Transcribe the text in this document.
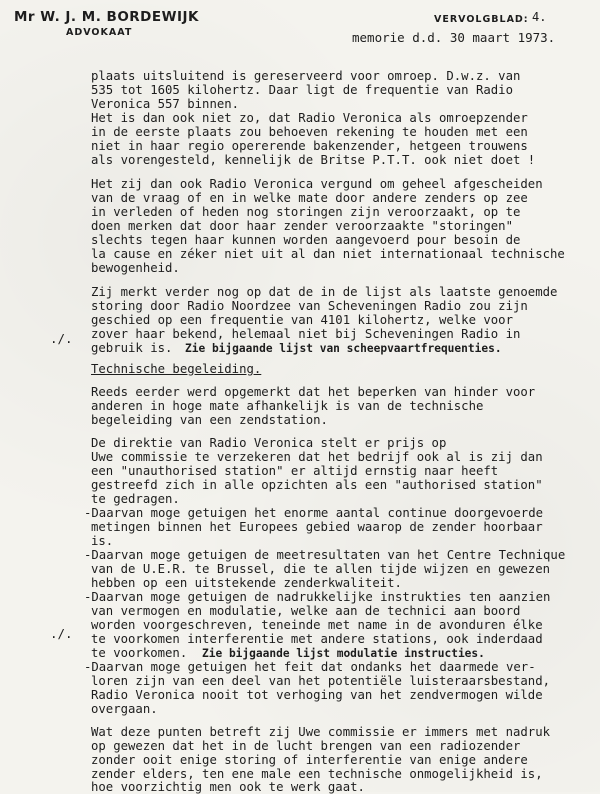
Mr W. J. M. BORDEWIJK
ADVOKAAT
VERVOLGBLAD: 4.
memorie d.d. 30 maart 1973.
./.
./.
plaats uitsluitend is gereserveerd voor omroep. D.w.z. van
535 tot 1605 kilohertz. Daar ligt de frequentie van Radio
Veronica 557 binnen.
Het is dan ook niet zo, dat Radio Veronica als omroepzender
in de eerste plaats zou behoeven rekening te houden met een
niet in haar regio opererende bakenzender, hetgeen trouwens
als vorengesteld, kennelijk de Britse P.T.T. ook niet doet !
Het zij dan ook Radio Veronica vergund om geheel afgescheiden
van de vraag of en in welke mate door andere zenders op zee
in verleden of heden nog storingen zijn veroorzaakt, op te
doen merken dat door haar zender veroorzaakte "storingen"
slechts tegen haar kunnen worden aangevoerd pour besoin de
la cause en zéker niet uit al dan niet internationaal technische
bewogenheid.
Zij merkt verder nog op dat de in de lijst als laatste genoemde
storing door Radio Noordzee van Scheveningen Radio zou zijn
geschied op een frequentie van 4101 kilohertz, welke voor
zover haar bekend, helemaal niet bij Scheveningen Radio in
gebruik is. Zie bijgaande lijst van scheepvaartfrequenties.
Technische begeleiding.
Reeds eerder werd opgemerkt dat het beperken van hinder voor
anderen in hoge mate afhankelijk is van de technische
begeleiding van een zendstation.
De direktie van Radio Veronica stelt er prijs op
Uwe commissie te verzekeren dat het bedrijf ook al is zij dan
een "unauthorised station" er altijd ernstig naar heeft
gestreefd zich in alle opzichten als een "authorised station"
te gedragen.
-Daarvan moge getuigen het enorme aantal continue doorgevoerde
metingen binnen het Europees gebied waarop de zender hoorbaar
is.
-Daarvan moge getuigen de meetresultaten van het Centre Technique
van de U.E.R. te Brussel, die te allen tijde wijzen en gewezen
hebben op een uitstekende zenderkwaliteit.
-Daarvan moge getuigen de nadrukkelijke instrukties ten aanzien
van vermogen en modulatie, welke aan de technici aan boord
worden voorgeschreven, teneinde met name in de avonduren élke
te voorkomen interferentie met andere stations, ook inderdaad
te voorkomen. Zie bijgaande lijst modulatie instructies.
-Daarvan moge getuigen het feit dat ondanks het daarmede ver-
loren zijn van een deel van het potentiële luisteraarsbestand,
Radio Veronica nooit tot verhoging van het zendvermogen wilde
overgaan.
Wat deze punten betreft zij Uwe commissie er immers met nadruk
op gewezen dat het in de lucht brengen van een radiozender
zonder ooit enige storing of interferentie van enige andere
zender elders, ten ene male een technische onmogelijkheid is,
hoe voorzichtig men ook te werk gaat.
